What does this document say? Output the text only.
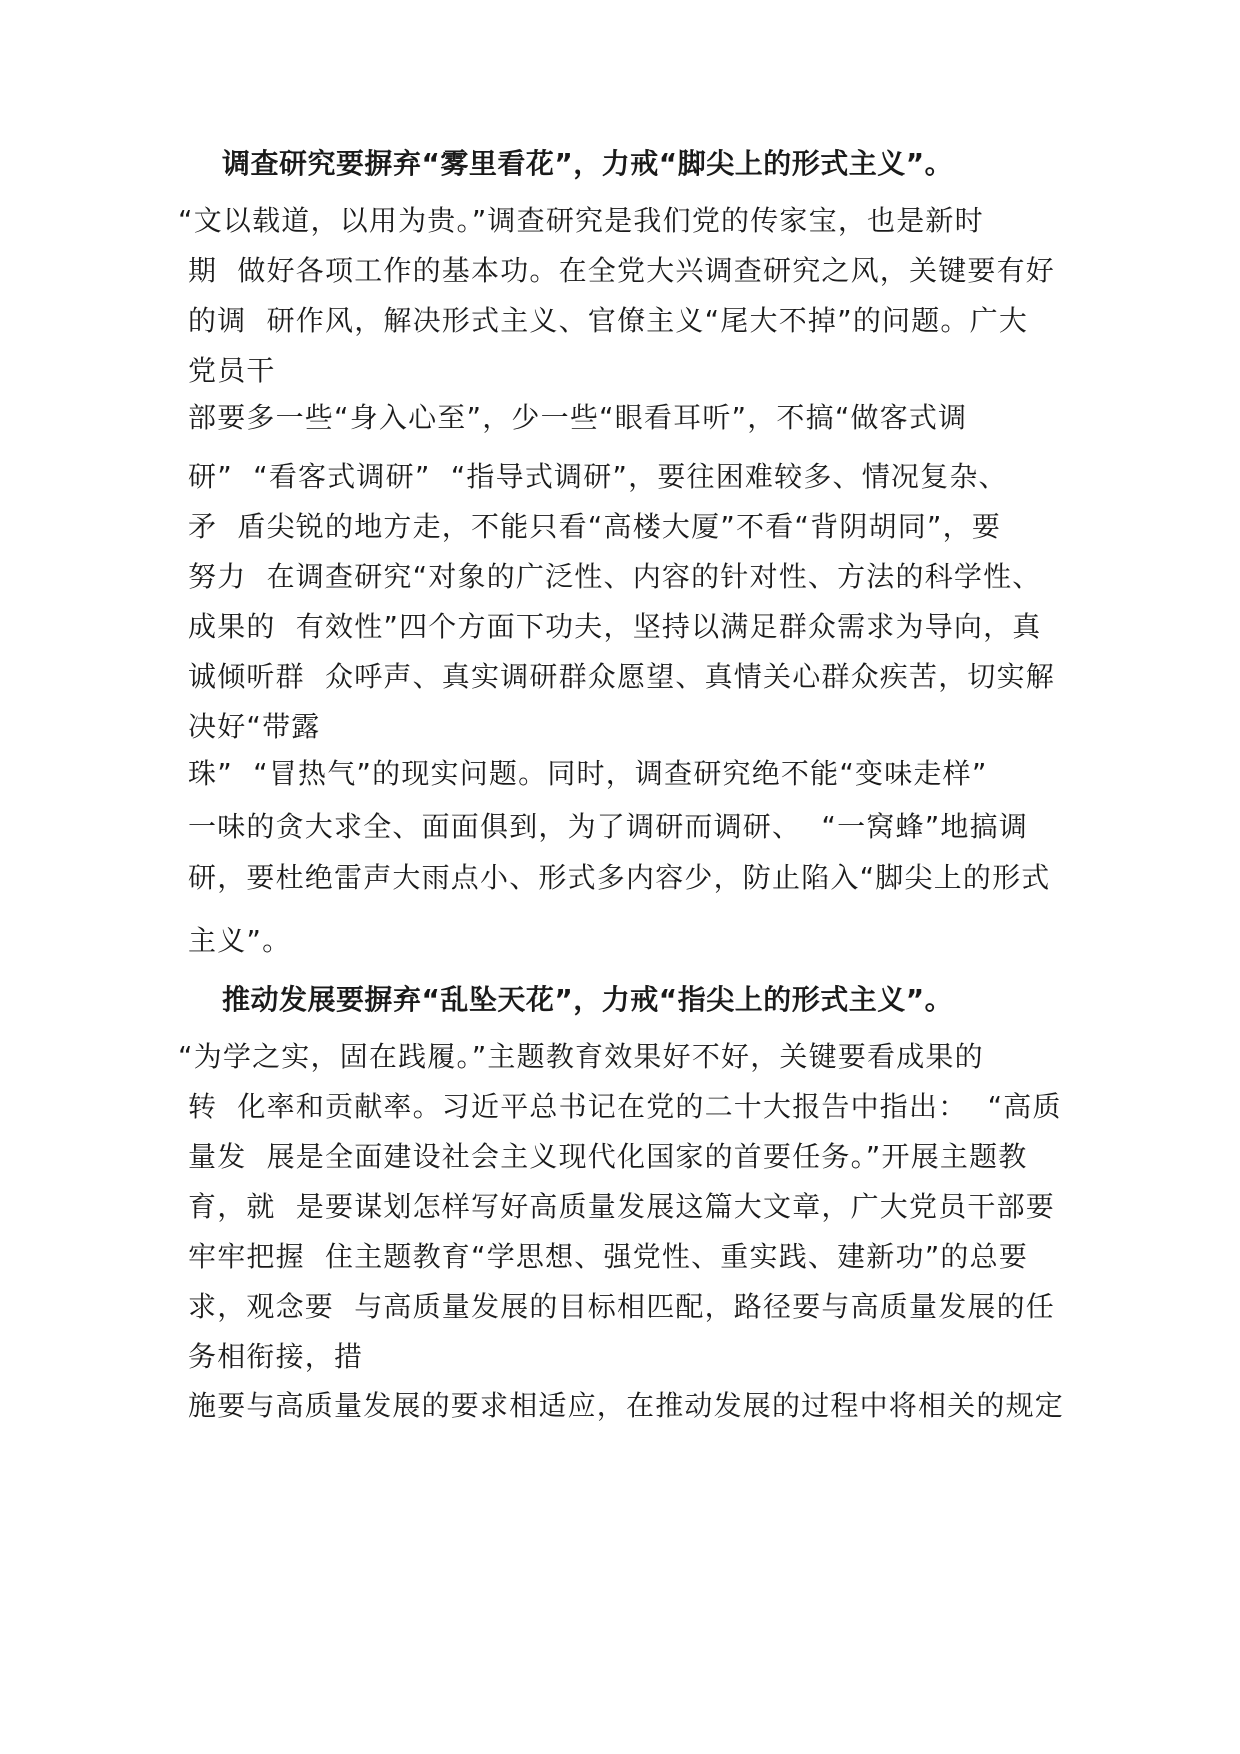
调查研究要摒弃“雾里看花”，力戒“脚尖上的形式主义”。
“文以载道，以用为贵。”调查研究是我们党的传家宝，也是新时
期  做好各项工作的基本功。在全党大兴调查研究之风，关键要有好
的调  研作风，解决形式主义、官僚主义“尾大不掉”的问题。广大
党员干
部要多一些“身入心至”，少一些“眼看耳听”，不搞“做客式调
研”  “看客式调研”  “指导式调研”，要往困难较多、情况复杂、
矛  盾尖锐的地方走，不能只看“高楼大厦”不看“背阴胡同”，要
努力  在调查研究“对象的广泛性、内容的针对性、方法的科学性、
成果的  有效性”四个方面下功夫，坚持以满足群众需求为导向，真
诚倾听群  众呼声、真实调研群众愿望、真情关心群众疾苦，切实解
决好“带露
珠”  “冒热气”的现实问题。同时，调查研究绝不能“变味走样”
一味的贪大求全、面面俱到，为了调研而调研、  “一窝蜂”地搞调
研，要杜绝雷声大雨点小、形式多内容少，防止陷入“脚尖上的形式
主义”。
推动发展要摒弃“乱坠天花”，力戒“指尖上的形式主义”。
“为学之实，固在践履。”主题教育效果好不好，关键要看成果的
转  化率和贡献率。习近平总书记在党的二十大报告中指出：  “高质
量发  展是全面建设社会主义现代化国家的首要任务。”开展主题教
育，就  是要谋划怎样写好高质量发展这篇大文章，广大党员干部要
牢牢把握  住主题教育“学思想、强党性、重实践、建新功”的总要
求，观念要  与高质量发展的目标相匹配，路径要与高质量发展的任
务相衔接，措
施要与高质量发展的要求相适应，在推动发展的过程中将相关的规定
